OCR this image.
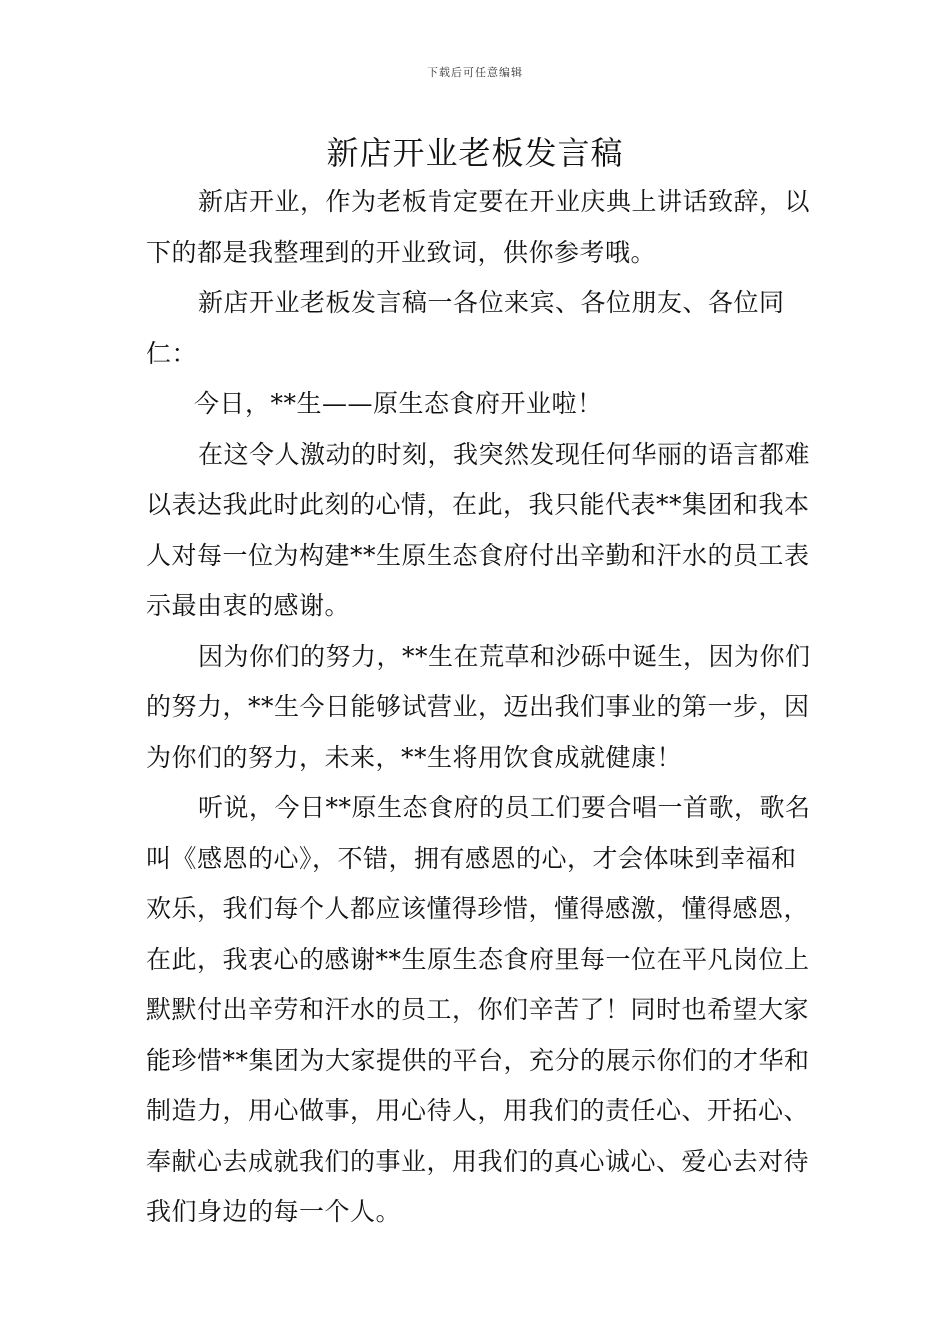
下载后可任意编辑
新店开业老板发言稿

新店开业，作为老板肯定要在开业庆典上讲话致辞，以下的都是我整理到的开业致词，供你参考哦。

新店开业老板发言稿一各位来宾、各位朋友、各位同仁：

今日，**生——原生态食府开业啦！

在这令人激动的时刻，我突然发现任何华丽的语言都难以表达我此时此刻的心情，在此，我只能代表**集团和我本人对每一位为构建**生原生态食府付出辛勤和汗水的员工表示最由衷的感谢。

因为你们的努力，**生在荒草和沙砾中诞生，因为你们的努力，**生今日能够试营业，迈出我们事业的第一步，因为你们的努力，未来，**生将用饮食成就健康！

听说，今日**原生态食府的员工们要合唱一首歌，歌名叫《感恩的心》，不错，拥有感恩的心，才会体味到幸福和欢乐，我们每个人都应该懂得珍惜，懂得感激，懂得感恩，在此，我衷心的感谢**生原生态食府里每一位在平凡岗位上默默付出辛劳和汗水的员工，你们辛苦了！同时也希望大家能珍惜**集团为大家提供的平台，充分的展示你们的才华和制造力，用心做事，用心待人，用我们的责任心、开拓心、奉献心去成就我们的事业，用我们的真心诚心、爱心去对待我们身边的每一个人。
